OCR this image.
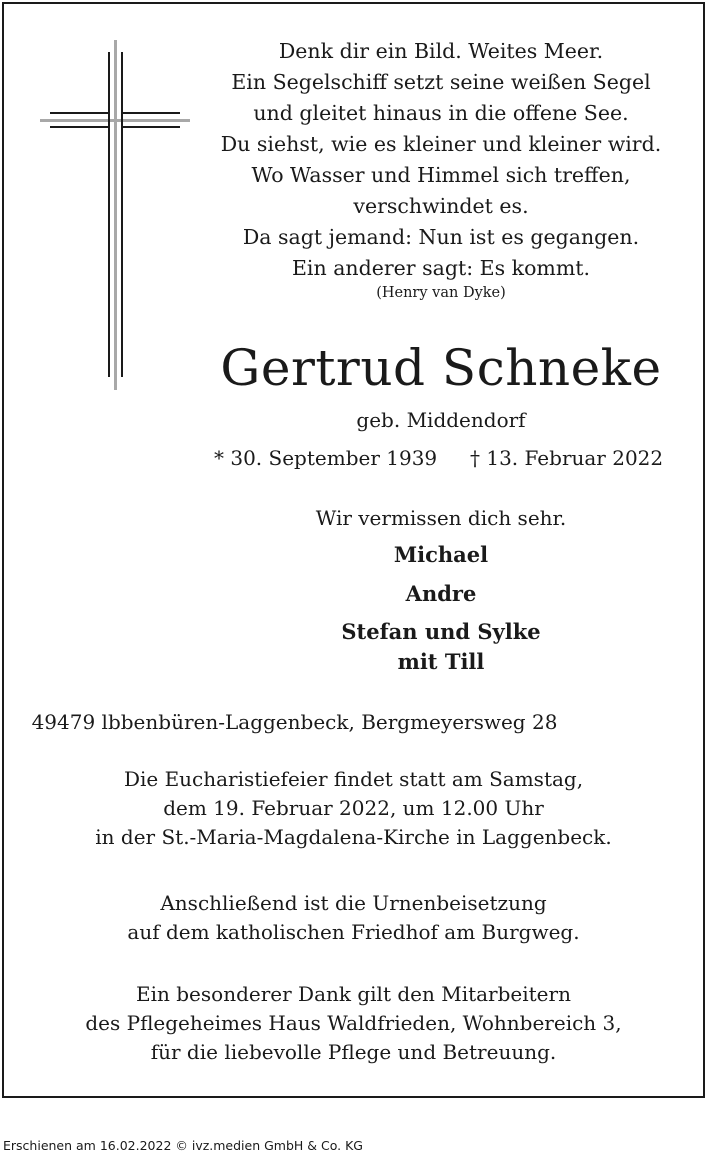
Denk dir ein Bild. Weites Meer.
Ein Segelschiff setzt seine weißen Segel
und gleitet hinaus in die offene See.
Du siehst, wie es kleiner und kleiner wird.
Wo Wasser und Himmel sich treffen,
verschwindet es.
Da sagt jemand: Nun ist es gegangen.
Ein anderer sagt: Es kommt.
(Henry van Dyke)
Gertrud Schneke
geb. Middendorf
* 30. September 1939 † 13. Februar 2022
Wir vermissen dich sehr.
Michael
Andre
Stefan und Sylke
mit Till
49479 lbbenbüren-Laggenbeck, Bergmeyersweg 28
Die Eucharistiefeier findet statt am Samstag,
dem 19. Februar 2022, um 12.00 Uhr
in der St.-Maria-Magdalena-Kirche in Laggenbeck.
Anschließend ist die Urnenbeisetzung
auf dem katholischen Friedhof am Burgweg.
Ein besonderer Dank gilt den Mitarbeitern
des Pflegeheimes Haus Waldfrieden, Wohnbereich 3,
für die liebevolle Pflege und Betreuung.
Erschienen am 16.02.2022 © ivz.medien GmbH & Co. KG
